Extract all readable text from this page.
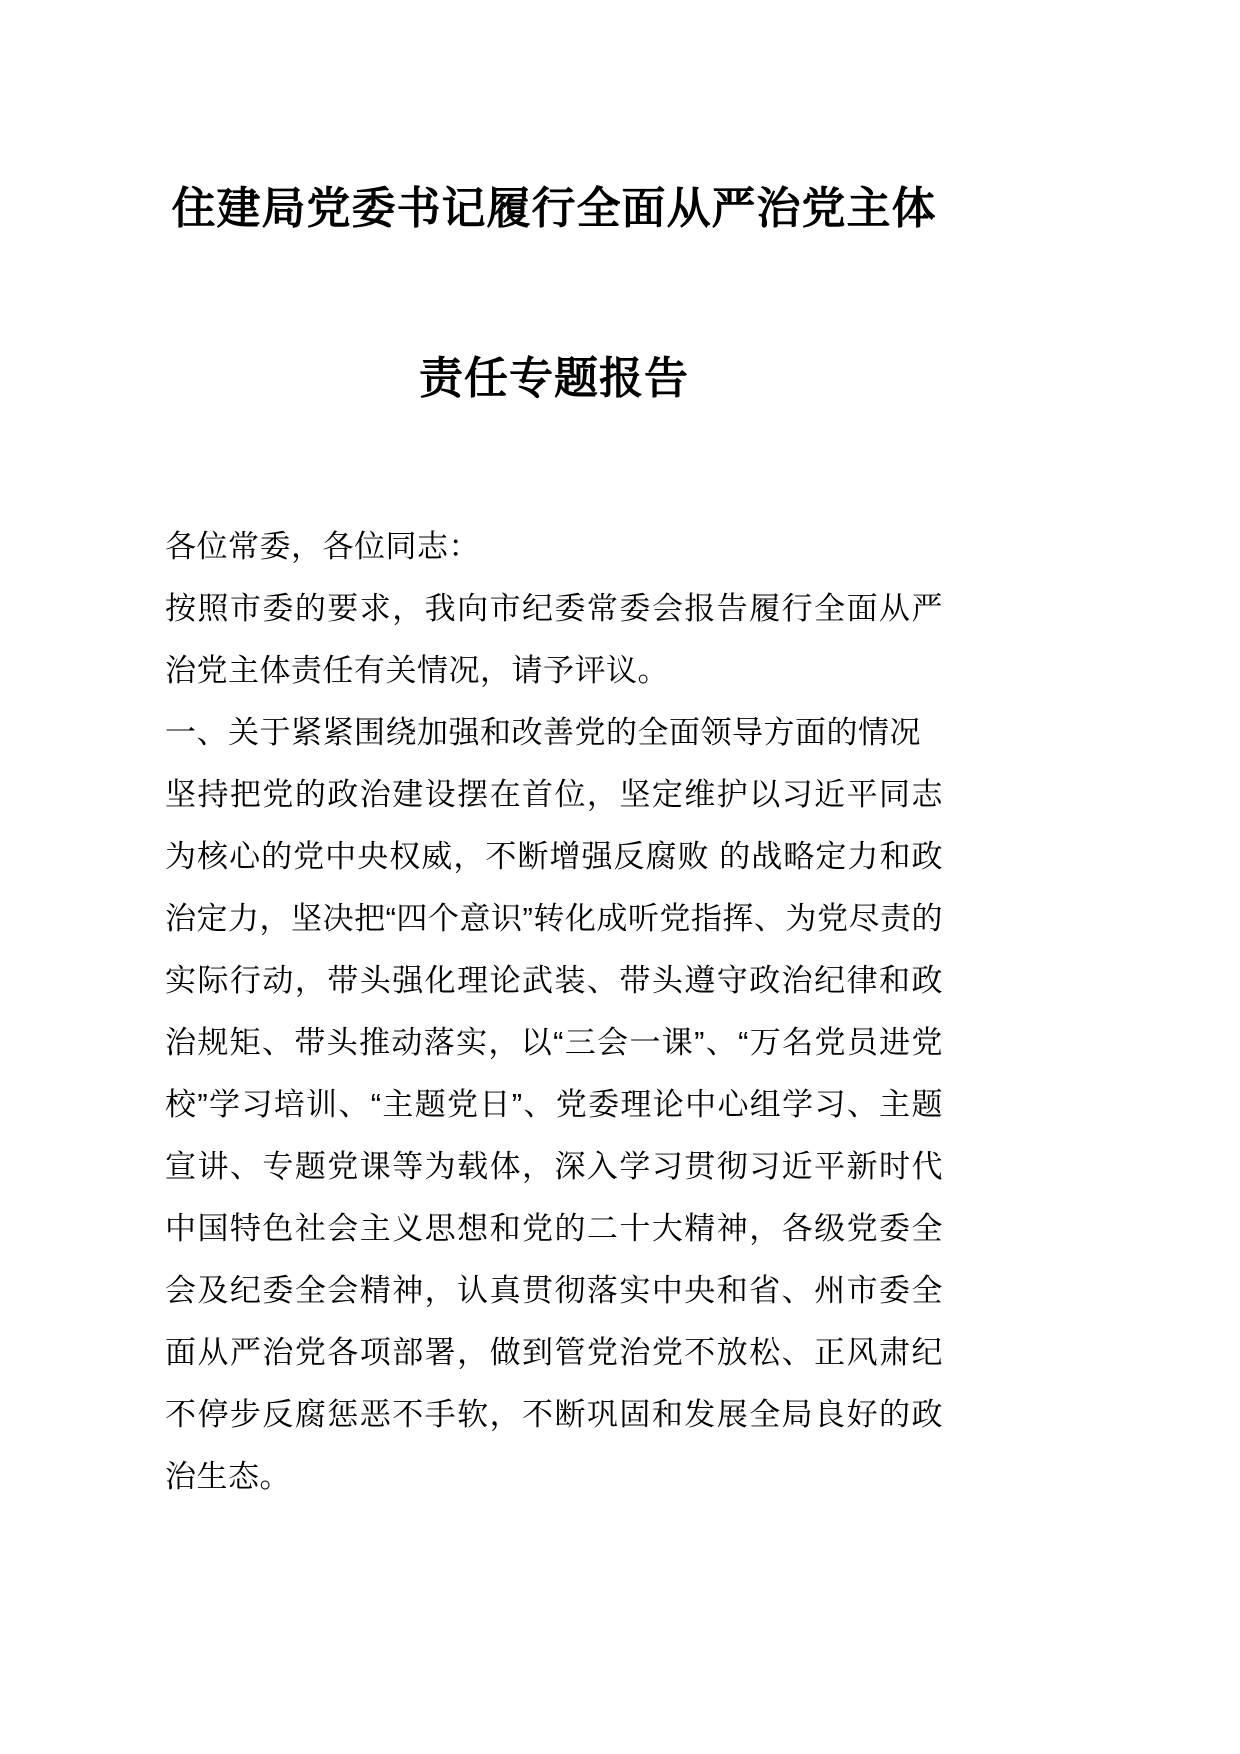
住建局党委书记履行全面从严治党主体
责任专题报告

各位常委，各位同志：

按照市委的要求，我向市纪委常委会报告履行全面从严治党主体责任有关情况，请予评议。

一、关于紧紧围绕加强和改善党的全面领导方面的情况

坚持把党的政治建设摆在首位，坚定维护以习近平同志为核心的党中央权威，不断增强反腐败 的战略定力和政治定力，坚决把“四个意识”转化成听党指挥、为党尽责的实际行动，带头强化理论武装、带头遵守政治纪律和政治规矩、带头推动落实，以“三会一课”、“万名党员进党校”学习培训、“主题党日”、党委理论中心组学习、主题宣讲、专题党课等为载体，深入学习贯彻习近平新时代中国特色社会主义思想和党的二十大精神，各级党委全会及纪委全会精神，认真贯彻落实中央和省、州市委全面从严治党各项部署，做到管党治党不放松、正风肃纪不停步反腐惩恶不手软，不断巩固和发展全局良好的政治生态。
